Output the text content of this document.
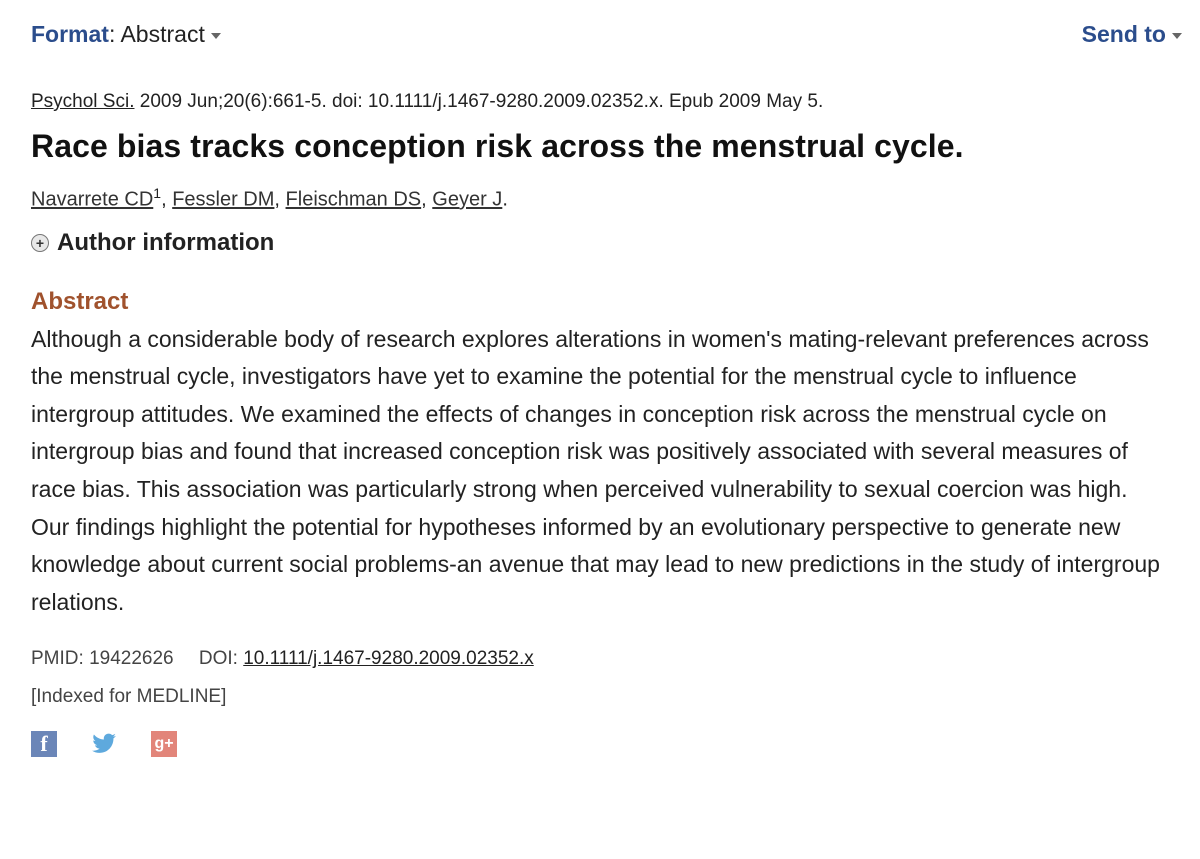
Format: Abstract	Send to
Psychol Sci. 2009 Jun;20(6):661-5. doi: 10.1111/j.1467-9280.2009.02352.x. Epub 2009 May 5.
Race bias tracks conception risk across the menstrual cycle.
Navarrete $CD^1$, Fessler DM, Fleischman DS, Geyer J.
+ Author information
Abstract
Although a considerable body of research explores alterations in women's mating-relevant preferences across the menstrual cycle, investigators have yet to examine the potential for the menstrual cycle to influence intergroup attitudes. We examined the effects of changes in conception risk across the menstrual cycle on intergroup bias and found that increased conception risk was positively associated with several measures of race bias. This association was particularly strong when perceived vulnerability to sexual coercion was high. Our findings highlight the potential for hypotheses informed by an evolutionary perspective to generate new knowledge about current social problems-an avenue that may lead to new predictions in the study of intergroup relations.
PMID: 19422626 DOI: 10.1111/j.1467-9280.2009.02352.x
[Indexed for MEDLINE]
f	g+
